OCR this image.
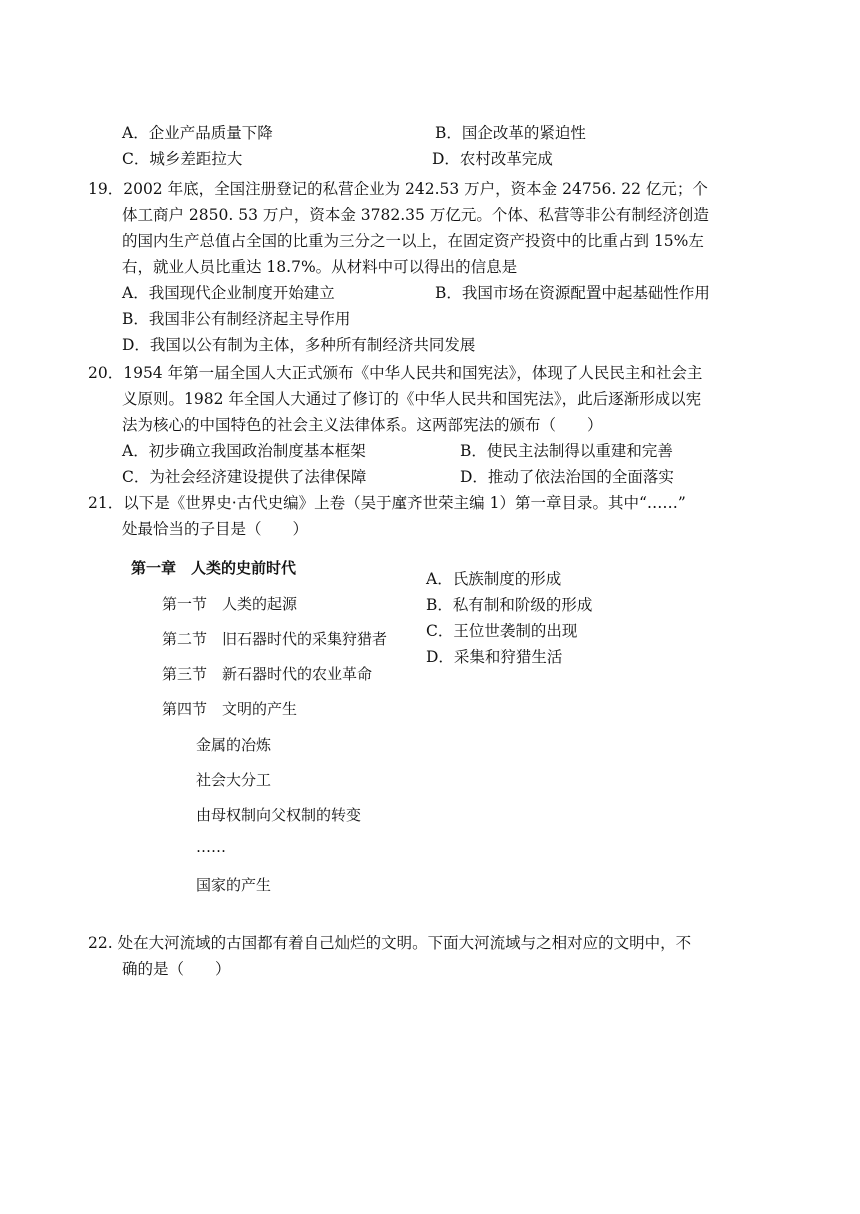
A．企业产品质量下降	B．国企改革的紧迫性
C．城乡差距拉大	D．农村改革完成
19．2002 年底，全国注册登记的私营企业为 242.53 万户，资本金 24756. 22 亿元；个
体工商户 2850. 53 万户，资本金 3782.35 万亿元。个体、私营等非公有制经济创造
的国内生产总值占全国的比重为三分之一以上，在固定资产投资中的比重占到 15%左
右，就业人员比重达 18.7%。从材料中可以得出的信息是
A．我国现代企业制度开始建立	B．我国市场在资源配置中起基础性作用
B．我国非公有制经济起主导作用
D．我国以公有制为主体，多种所有制经济共同发展
20．1954 年第一届全国人大正式颁布《中华人民共和国宪法》，体现了人民民主和社会主
义原则。1982 年全国人大通过了修订的《中华人民共和国宪法》，此后逐渐形成以宪
法为核心的中国特色的社会主义法律体系。这两部宪法的颁布（　　）
A．初步确立我国政治制度基本框架	B．使民主法制得以重建和完善
C．为社会经济建设提供了法律保障	D．推动了依法治国的全面落实
21．以下是《世界史·古代史编》上卷（吴于廑齐世荣主编 1）第一章目录。其中“……”
处最恰当的子目是（　　）
第一章　人类的史前时代
第一节　人类的起源
第二节　旧石器时代的采集狩猎者
第三节　新石器时代的农业革命
第四节　文明的产生
金属的冶炼
社会大分工
由母权制向父权制的转变
……
国家的产生
A．氏族制度的形成
B．私有制和阶级的形成
C．王位世袭制的出现
D．采集和狩猎生活
22. 处在大河流域的古国都有着自己灿烂的文明。下面大河流域与之相对应的文明中，不
确的是（　　）
